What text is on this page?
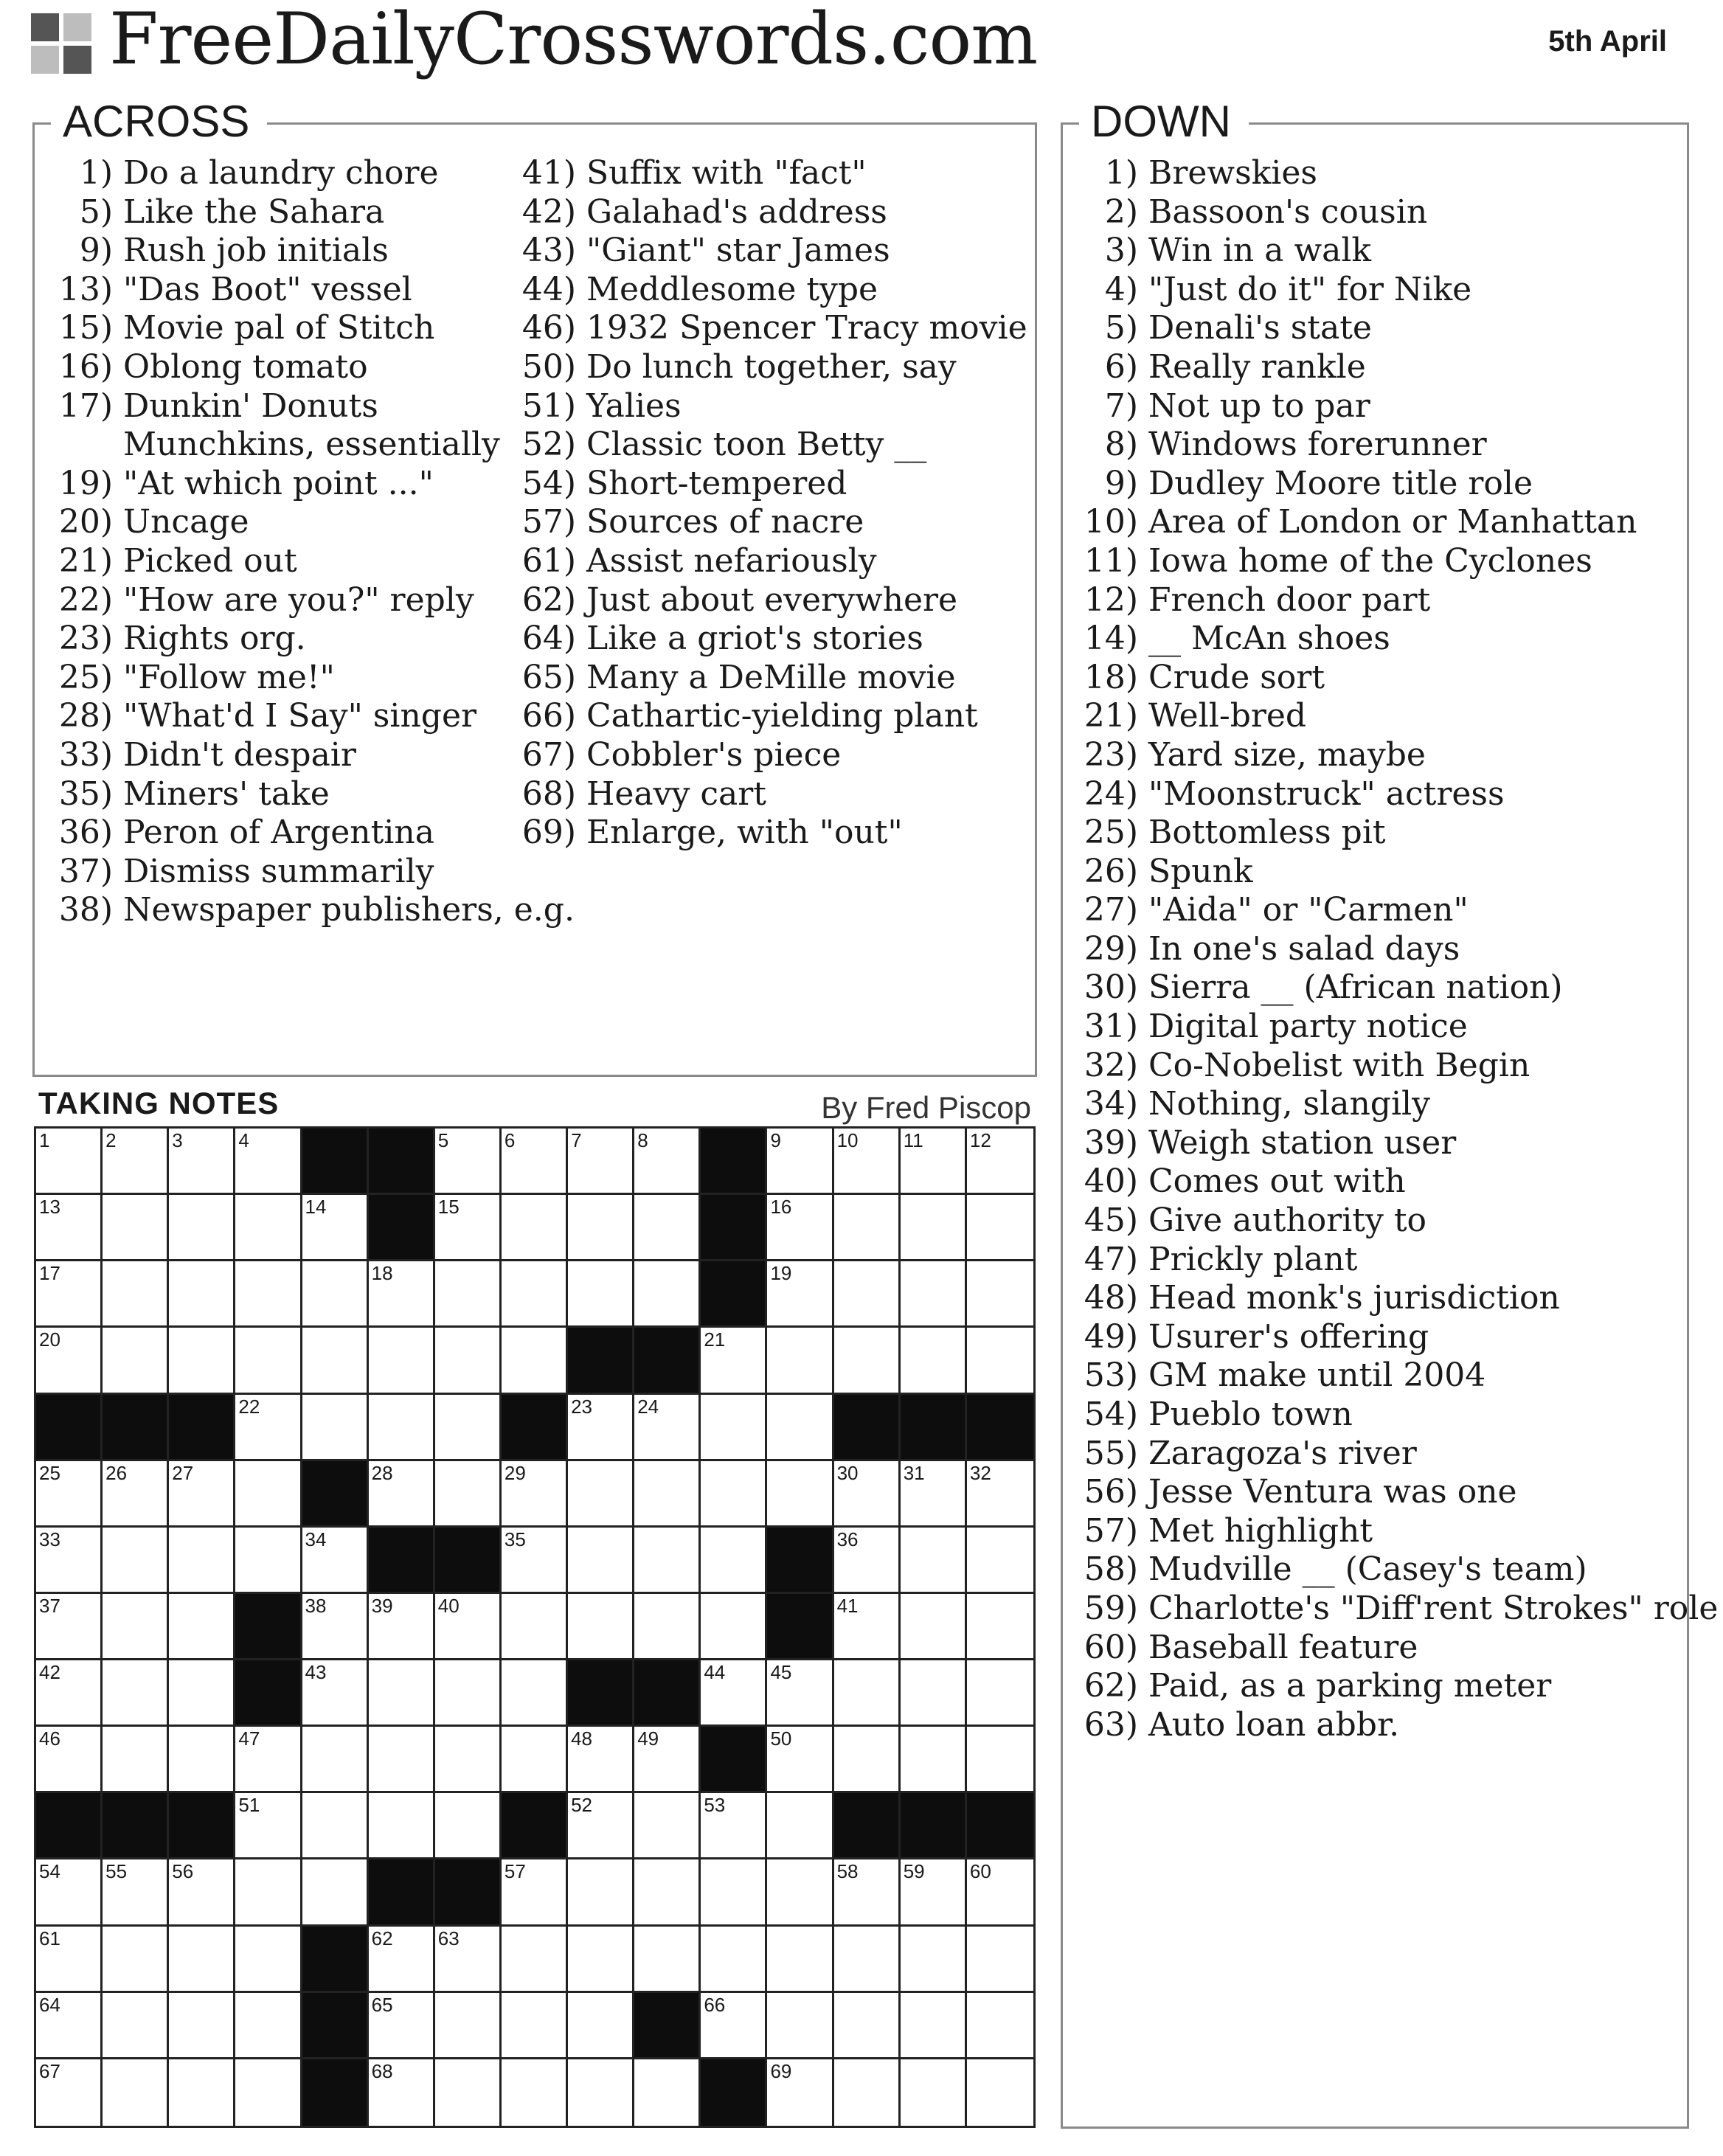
FreeDailyCrosswords.com	5th April
ACROSS
1) Do a laundry chore
5) Like the Sahara
9) Rush job initials
13) "Das Boot" vessel
15) Movie pal of Stitch
16) Oblong tomato
17) Dunkin' Donuts
Munchkins, essentially
19) "At which point ..."
20) Uncage
21) Picked out
22) "How are you?" reply
23) Rights org.
25) "Follow me!"
28) "What'd I Say" singer
33) Didn't despair
35) Miners' take
36) Peron of Argentina
37) Dismiss summarily
38) Newspaper publishers, e.g.
41) Suffix with "fact"
42) Galahad's address
43) "Giant" star James
44) Meddlesome type
46) 1932 Spencer Tracy movie
50) Do lunch together, say
51) Yalies
52) Classic toon Betty __
54) Short-tempered
57) Sources of nacre
61) Assist nefariously
62) Just about everywhere
64) Like a griot's stories
65) Many a DeMille movie
66) Cathartic-yielding plant
67) Cobbler's piece
68) Heavy cart
69) Enlarge, with "out"
DOWN
1) Brewskies
2) Bassoon's cousin
3) Win in a walk
4) "Just do it" for Nike
5) Denali's state
6) Really rankle
7) Not up to par
8) Windows forerunner
9) Dudley Moore title role
10) Area of London or Manhattan
11) Iowa home of the Cyclones
12) French door part
14) __ McAn shoes
18) Crude sort
21) Well-bred
23) Yard size, maybe
24) "Moonstruck" actress
25) Bottomless pit
26) Spunk
27) "Aida" or "Carmen"
29) In one's salad days
30) Sierra __ (African nation)
31) Digital party notice
32) Co-Nobelist with Begin
34) Nothing, slangily
39) Weigh station user
40) Comes out with
45) Give authority to
47) Prickly plant
48) Head monk's jurisdiction
49) Usurer's offering
53) GM make until 2004
54) Pueblo town
55) Zaragoza's river
56) Jesse Ventura was one
57) Met highlight
58) Mudville __ (Casey's team)
59) Charlotte's "Diff'rent Strokes" role
60) Baseball feature
62) Paid, as a parking meter
63) Auto loan abbr.
TAKING NOTES	By Fred Piscop
1	2	3	4	5	6	7	8	9	10 11 12
13	14	15	16
17	18	19
20	21
22	23 24
25 26 27	28	29	30 31 32
33	34	35	36
37	38 39 40	41
42	43	44 45
46	47	48 49	50
51	52	53
54 55 56	57	58 59 60
61	62 63
64	65	66
67	68	69
